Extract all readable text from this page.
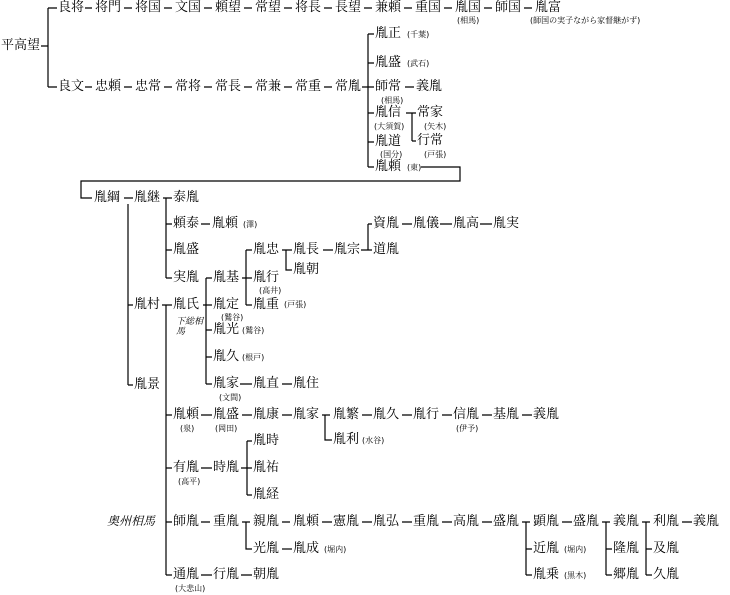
平高望
良将 将門 将国 文国 頼望 常望 将長 長望 兼頼 重国 胤国
(相馬)
師国 胤富
(師国の実子ながら家督継がず)
良文 忠頼 忠常 常将 常長 常兼 常重 常胤
胤正 (千葉)
胤盛 (武石)
師常
(相馬)
胤信
(大須賀)
胤道
(国分)
胤頼 (東)
義胤
常家
(矢木)
行常
(戸張)
胤綱 胤継 泰胤
頼泰 胤頼 (澤)
胤盛
実胤
胤村
胤景
下総相馬
胤氏
胤基
胤定
(鷲谷)
胤忠 胤長 胤宗
資胤 胤儀 胤高 胤実
道胤
胤行
(高井)
胤朝
胤重 (戸張)
胤光 (鷲谷)
胤久 (根戸)
胤家
(文間)
胤直 胤住
奥州相馬
胤頼
(泉)
胤盛
(岡田)
胤康 胤家 胤繁 胤久 胤行 信胤
(伊予)
基胤 義胤
胤利 (水谷)
有胤
(高平)
時胤
胤時
胤祐
胤経
師胤 重胤 親胤 胤頼 憲胤 胤弘 重胤 高胤 盛胤 顕胤 盛胤
近胤 (堀内)
胤乗 (黒木)
義胤
隆胤
郷胤
利胤 義胤
及胤
久胤
光胤 胤成 (堀内)
通胤
(大悲山)
行胤 朝胤
